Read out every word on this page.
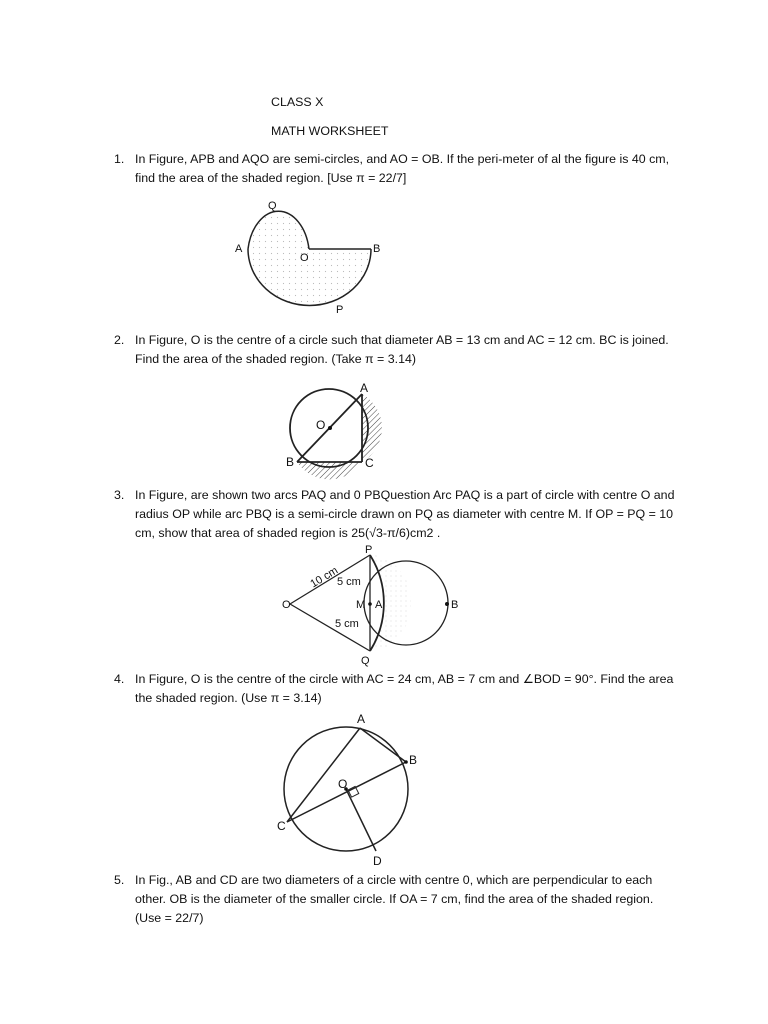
CLASS X
MATH WORKSHEET
1. In Figure, APB and AQO are semi-circles, and AO = OB. If the peri-meter of al the figure is 40 cm,
find the area of the shaded region. [Use π = 22/7]
Q
A
O
B
P
2. In Figure, O is the centre of a circle such that diameter AB = 13 cm and AC = 12 cm. BC is joined.
Find the area of the shaded region. (Take π = 3.14)
A
O
B	C
3. In Figure, are shown two arcs PAQ and 0 PBQuestion Arc PAQ is a part of circle with centre O and
radius OP while arc PBQ is a semi-circle drawn on PQ as diameter with centre M. If OP = PQ = 10
cm, show that area of shaded region is 25(√3-π/6)cm2 .
P
Q
O	M A	B
10 cm
5 cm
5 cm
4. In Figure, O is the centre of the circle with AC = 24 cm, AB = 7 cm and ∠BOD = 90°. Find the area
the shaded region. (Use π = 3.14)
A
B
C
D
O
5. In Fig., AB and CD are two diameters of a circle with centre 0, which are perpendicular to each
other. OB is the diameter of the smaller circle. If OA = 7 cm, find the area of the shaded region.
(Use = 22/7)
